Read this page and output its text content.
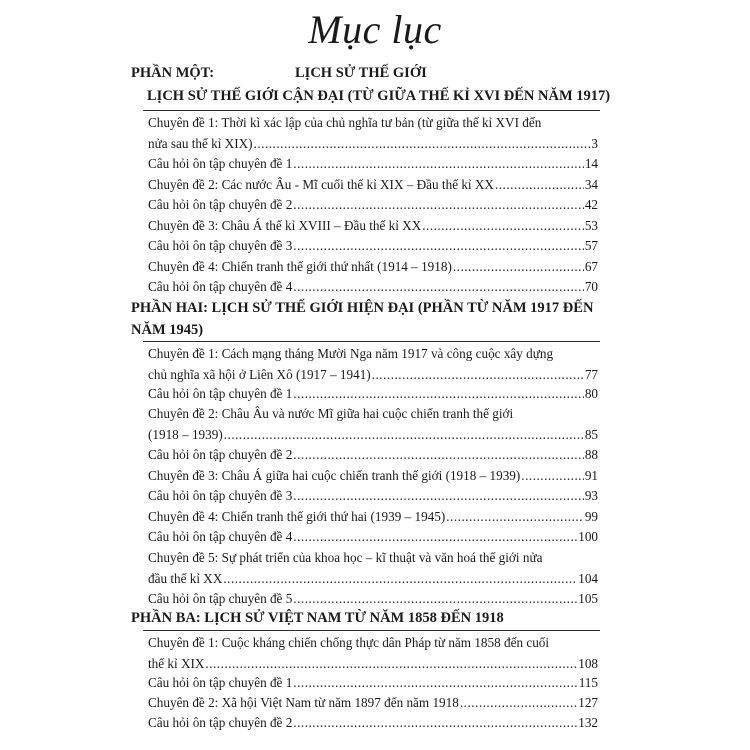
Mục lục
PHẦN MỘT:	LỊCH SỬ THẾ GIỚI
LỊCH SỬ THẾ GIỚI CẬN ĐẠI (TỪ GIỮA THẾ KỈ XVI ĐẾN NĂM 1917)
Chuyên đề 1: Thời kì xác lập của chủ nghĩa tư bản (từ giữa thế kỉ XVI đến
nửa sau thế kỉ XIX) .....	3
Câu hỏi ôn tập chuyên đề 1 .....	14
Chuyên đề 2: Các nước Âu - Mĩ cuối thế kỉ XIX – Đầu thế kỉ XX .....	34
Câu hỏi ôn tập chuyên đề 2 .....	42
Chuyên đề 3: Châu Á thế kỉ XVIII – Đầu thế kỉ XX .....	53
Câu hỏi ôn tập chuyên đề 3 .....	57
Chuyên đề 4: Chiến tranh thế giới thứ nhất (1914 – 1918) .....	67
Câu hỏi ôn tập chuyên đề 4 .....	70
PHẦN HAI: LỊCH SỬ THẾ GIỚI HIỆN ĐẠI (PHẦN TỪ NĂM 1917 ĐẾN NĂM 1945)
Chuyên đề 1: Cách mạng tháng Mười Nga năm 1917 và công cuộc xây dựng
chủ nghĩa xã hội ở Liên Xô (1917 – 1941) .....	77
Câu hỏi ôn tập chuyên đề 1 .....	80
Chuyên đề 2: Châu Âu và nước Mĩ giữa hai cuộc chiến tranh thế giới
(1918 – 1939) .....	85
Câu hỏi ôn tập chuyên đề 2 .....	88
Chuyên đề 3: Châu Á giữa hai cuộc chiến tranh thế giới (1918 – 1939) .....	91
Câu hỏi ôn tập chuyên đề 3 .....	93
Chuyên đề 4: Chiến tranh thế giới thứ hai (1939 – 1945) .....	99
Câu hỏi ôn tập chuyên đề 4 .....	100
Chuyên đề 5: Sự phát triển của khoa học – kĩ thuật và văn hoá thế giới nửa
đầu thế kỉ XX .....	104
Câu hỏi ôn tập chuyên đề 5 .....	105
PHẦN BA: LỊCH SỬ VIỆT NAM TỪ NĂM 1858 ĐẾN 1918
Chuyên đề 1: Cuộc kháng chiến chống thực dân Pháp từ năm 1858 đến cuối
thế kỉ XIX .....	108
Câu hỏi ôn tập chuyên đề 1 .....	115
Chuyên đề 2: Xã hội Việt Nam từ năm 1897 đến năm 1918 .....	127
Câu hỏi ôn tập chuyên đề 2 .....	132
